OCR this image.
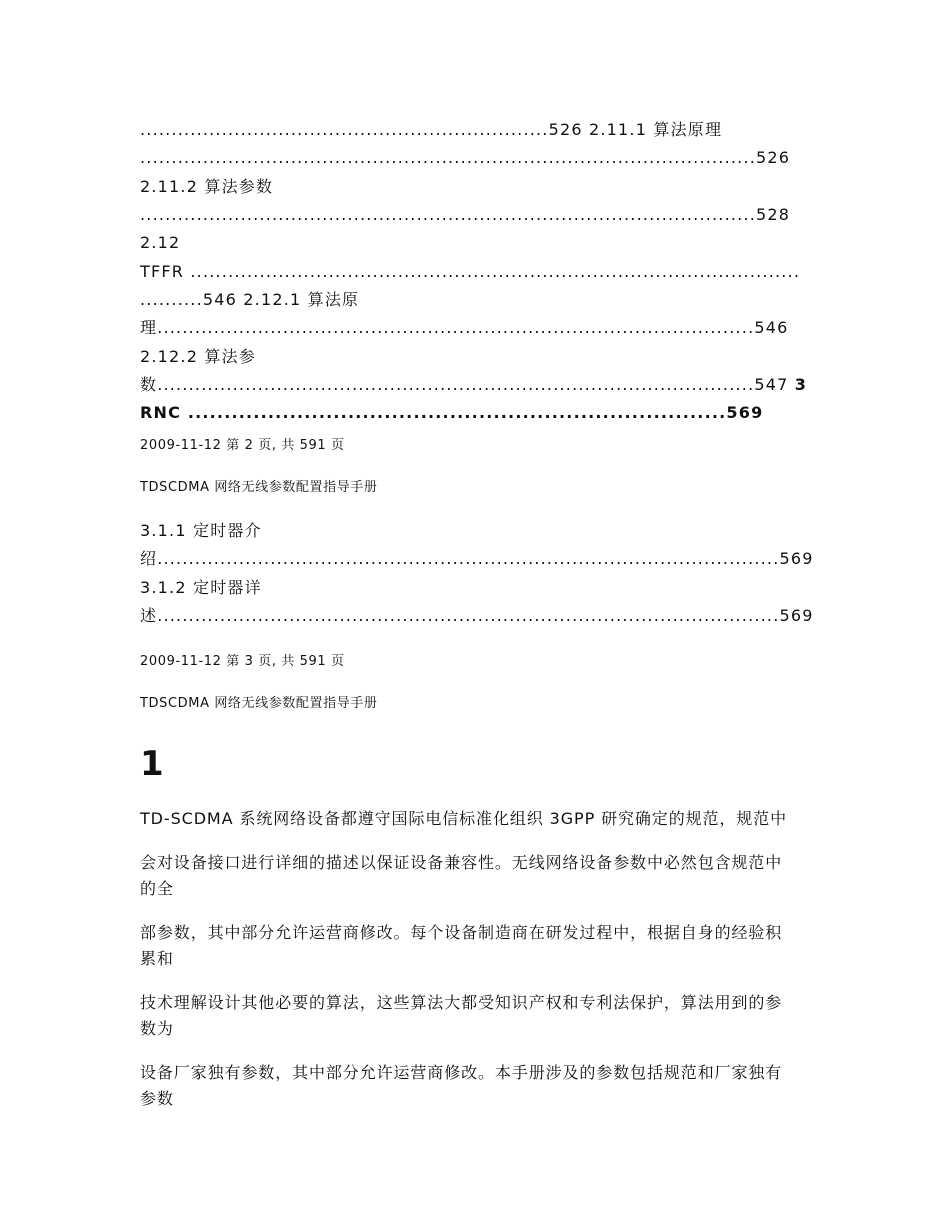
.................................................................526 2.11.1 算法原理
..................................................................................................526
2.11.2 算法参数
..................................................................................................528
2.12
TFFR .................................................................................................
..........546 2.12.1 算法原
理...............................................................................................546
2.12.2 算法参
数...............................................................................................547 3
RNC ..........................................................................569
2009-11-12 第 2 页, 共 591 页
TDSCDMA 网络无线参数配置指导手册
3.1.1 定时器介
绍...................................................................................................569
3.1.2 定时器详
述...................................................................................................569
2009-11-12 第 3 页, 共 591 页
TDSCDMA 网络无线参数配置指导手册
1
TD-SCDMA 系统网络设备都遵守国际电信标准化组织 3GPP 研究确定的规范，规范中
会对设备接口进行详细的描述以保证设备兼容性。无线网络设备参数中必然包含规范中
的全
部参数，其中部分允许运营商修改。每个设备制造商在研发过程中，根据自身的经验积
累和
技术理解设计其他必要的算法，这些算法大都受知识产权和专利法保护，算法用到的参
数为
设备厂家独有参数，其中部分允许运营商修改。本手册涉及的参数包括规范和厂家独有
参数
